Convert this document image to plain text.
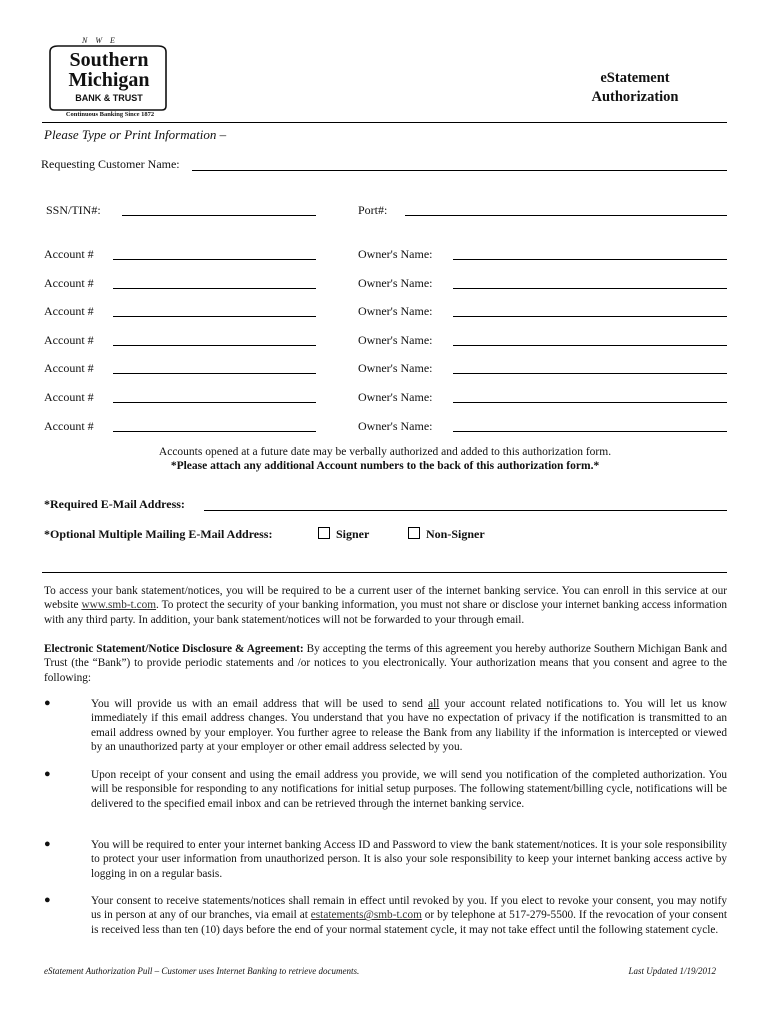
N W E
Southern
Michigan
BANK & TRUST
Continuous Banking Since 1872
eStatement
Authorization
Please Type or Print Information –
Requesting Customer Name:
SSN/TIN#:	Port#:
Account #	Owner's Name:
Account #	Owner's Name:
Account #	Owner's Name:
Account #	Owner's Name:
Account #	Owner's Name:
Account #	Owner's Name:
Account #	Owner's Name:
Accounts opened at a future date may be verbally authorized and added to this authorization form.
*Please attach any additional Account numbers to the back of this authorization form.*
*Required E-Mail Address:
*Optional Multiple Mailing E-Mail Address:	Signer	Non-Signer
To access your bank statement/notices, you will be required to be a current user of the internet banking service. You can enroll in this service at our website www.smb-t.com. To protect the security of your banking information, you must not share or disclose your internet banking access information with any third party. In addition, your bank statement/notices will not be forwarded to your through email.
Electronic Statement/Notice Disclosure & Agreement: By accepting the terms of this agreement you hereby authorize Southern Michigan Bank and Trust (the “Bank”) to provide periodic statements and /or notices to you electronically. Your authorization means that you consent and agree to the following:
●	You will provide us with an email address that will be used to send all your account related notifications to. You will let us know immediately if this email address changes. You understand that you have no expectation of privacy if the notification is transmitted to an email address owned by your employer. You further agree to release the Bank from any liability if the information is intercepted or viewed by an unauthorized party at your employer or other email address selected by you.
●	Upon receipt of your consent and using the email address you provide, we will send you notification of the completed authorization. You will be responsible for responding to any notifications for initial setup purposes. The following statement/billing cycle, notifications will be delivered to the specified email inbox and can be retrieved through the internet banking service.
●	You will be required to enter your internet banking Access ID and Password to view the bank statement/notices. It is your sole responsibility to protect your user information from unauthorized person. It is also your sole responsibility to keep your internet banking access active by logging in on a regular basis.
●	Your consent to receive statements/notices shall remain in effect until revoked by you. If you elect to revoke your consent, you may notify us in person at any of our branches, via email at estatements@smb-t.com or by telephone at 517-279-5500. If the revocation of your consent is received less than ten (10) days before the end of your normal statement cycle, it may not take effect until the following statement cycle.
eStatement Authorization Pull – Customer uses Internet Banking to retrieve documents.	Last Updated 1/19/2012
